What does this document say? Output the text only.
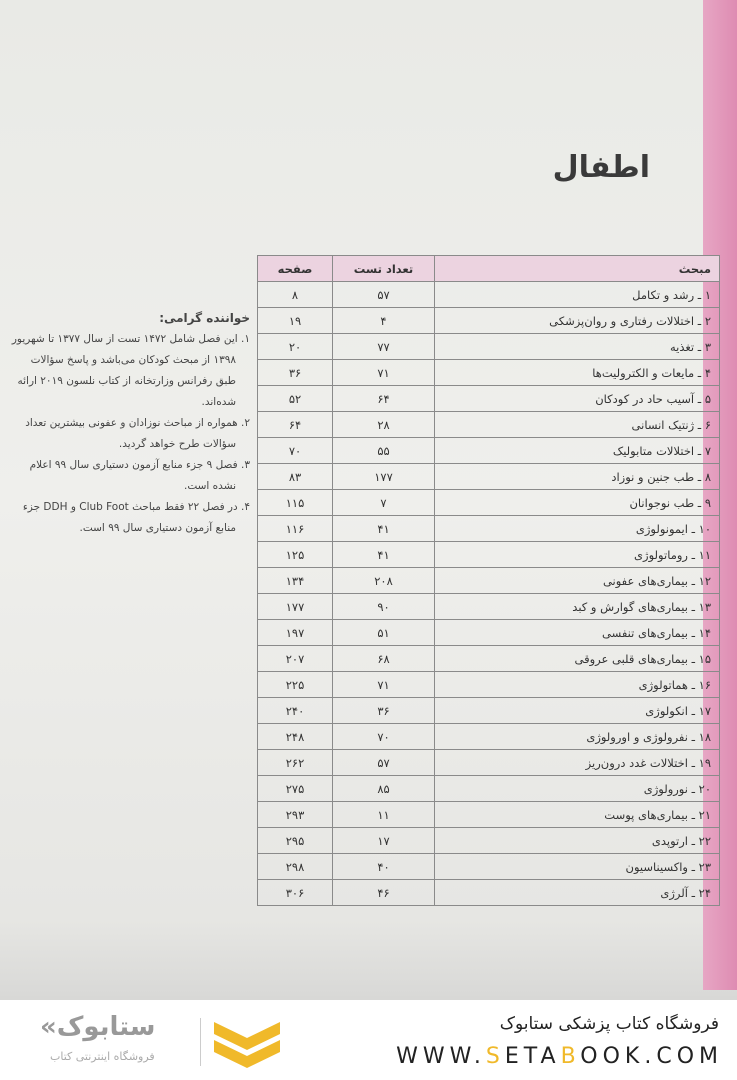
اطفال
خواننده گرامی:
۱. این فصل شامل ۱۴۷۲ تست از سال ۱۳۷۷ تا شهریور
۱۳۹۸ از مبحث کودکان می‌باشد و پاسخ سؤالات
طبق رفرانس وزارتخانه از کتاب نلسون ۲۰۱۹ ارائه
شده‌اند.
۲. همواره از مباحث نوزادان و عفونی بیشترین تعداد
سؤالات طرح خواهد گردید.
۳. فصل ۹ جزء منابع آزمون دستیاری سال ۹۹ اعلام
نشده است.
۴. در فصل ۲۲ فقط مباحث Club Foot و DDH جزء
منابع آزمون دستیاری سال ۹۹ است.
مبحث	تعداد تست	صفحه
۱ ـ رشد و تکامل	۵۷	۸
۲ ـ اختلالات رفتاری و روان‌پزشکی	۴	۱۹
۳ ـ تغذیه	۷۷	۲۰
۴ ـ مایعات و الکترولیت‌ها	۷۱	۳۶
۵ ـ آسیب حاد در کودکان	۶۴	۵۲
۶ ـ ژنتیک انسانی	۲۸	۶۴
۷ ـ اختلالات متابولیک	۵۵	۷۰
۸ ـ طب جنین و نوزاد	۱۷۷	۸۳
۹ ـ طب نوجوانان	۷	۱۱۵
۱۰ ـ ایمونولوژی	۴۱	۱۱۶
۱۱ ـ روماتولوژی	۴۱	۱۲۵
۱۲ ـ بیماری‌های عفونی	۲۰۸	۱۳۴
۱۳ ـ بیماری‌های گوارش و کبد	۹۰	۱۷۷
۱۴ ـ بیماری‌های تنفسی	۵۱	۱۹۷
۱۵ ـ بیماری‌های قلبی عروقی	۶۸	۲۰۷
۱۶ ـ هماتولوژی	۷۱	۲۲۵
۱۷ ـ انکولوژی	۳۶	۲۴۰
۱۸ ـ نفرولوژی و اورولوژی	۷۰	۲۴۸
۱۹ ـ اختلالات غدد درون‌ریز	۵۷	۲۶۲
۲۰ ـ نورولوژی	۸۵	۲۷۵
۲۱ ـ بیماری‌های پوست	۱۱	۲۹۳
۲۲ ـ ارتوپدی	۱۷	۲۹۵
۲۳ ـ واکسیناسیون	۴۰	۲۹۸
۲۴ ـ آلرژی	۴۶	۳۰۶
«ستابوک
فروشگاه اینترنتی کتاب
فروشگاه کتاب پزشکی ستابوک
WWW.SETABOOK.COM
